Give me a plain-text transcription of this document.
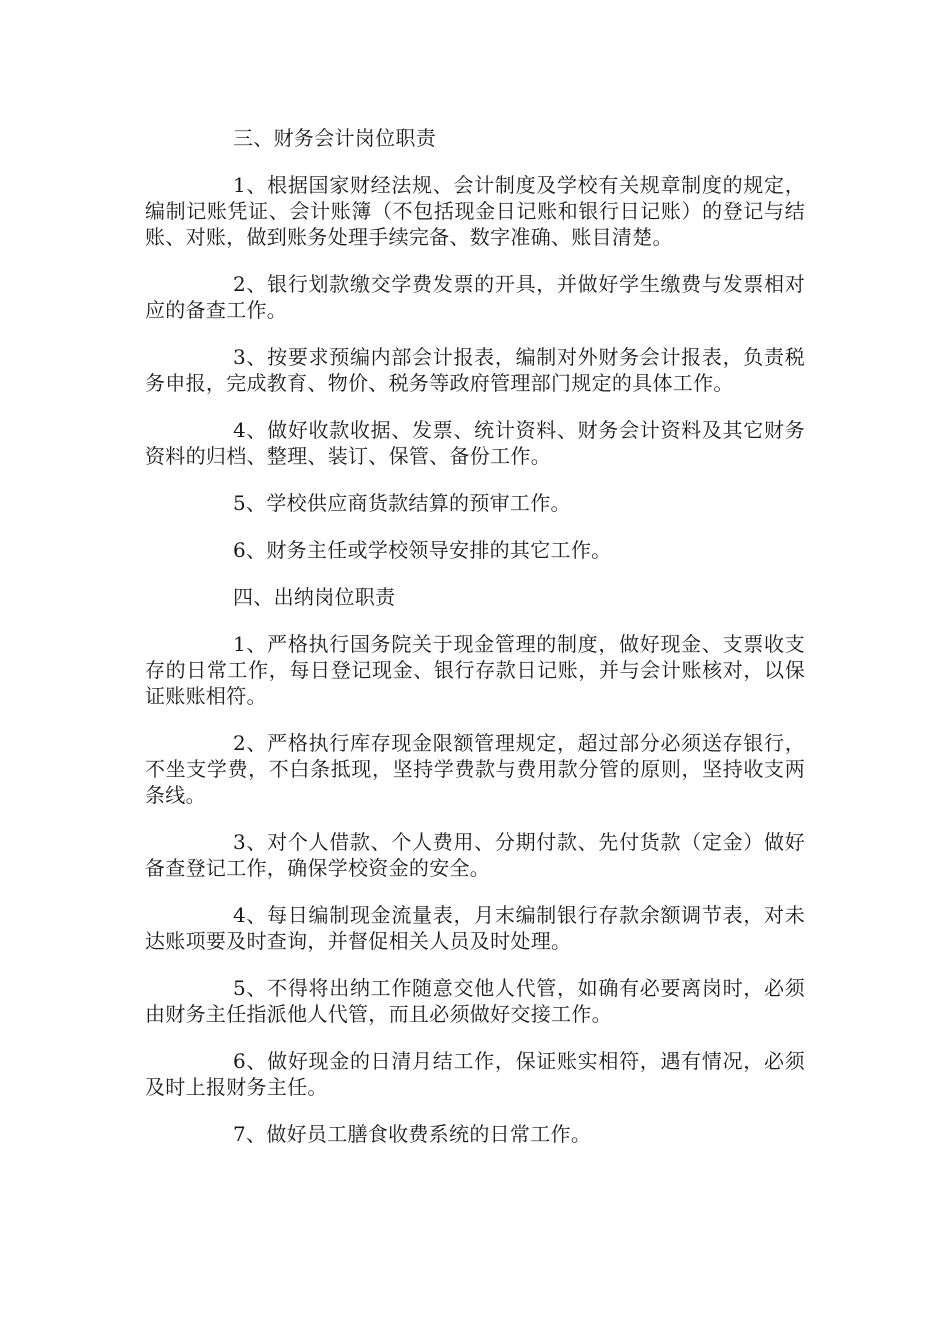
三、财务会计岗位职责

1、根据国家财经法规、会计制度及学校有关规章制度的规定，编制记账凭证、会计账簿（不包括现金日记账和银行日记账）的登记与结账、对账，做到账务处理手续完备、数字准确、账目清楚。

2、银行划款缴交学费发票的开具，并做好学生缴费与发票相对应的备查工作。

3、按要求预编内部会计报表，编制对外财务会计报表，负责税务申报，完成教育、物价、税务等政府管理部门规定的具体工作。

4、做好收款收据、发票、统计资料、财务会计资料及其它财务资料的归档、整理、装订、保管、备份工作。

5、学校供应商货款结算的预审工作。

6、财务主任或学校领导安排的其它工作。

四、出纳岗位职责

1、严格执行国务院关于现金管理的制度，做好现金、支票收支存的日常工作，每日登记现金、银行存款日记账，并与会计账核对，以保证账账相符。

2、严格执行库存现金限额管理规定，超过部分必须送存银行，不坐支学费，不白条抵现，坚持学费款与费用款分管的原则，坚持收支两条线。

3、对个人借款、个人费用、分期付款、先付货款（定金）做好备查登记工作，确保学校资金的安全。

4、每日编制现金流量表，月末编制银行存款余额调节表，对未达账项要及时查询，并督促相关人员及时处理。

5、不得将出纳工作随意交他人代管，如确有必要离岗时，必须由财务主任指派他人代管，而且必须做好交接工作。

6、做好现金的日清月结工作，保证账实相符，遇有情况，必须及时上报财务主任。

7、做好员工膳食收费系统的日常工作。
